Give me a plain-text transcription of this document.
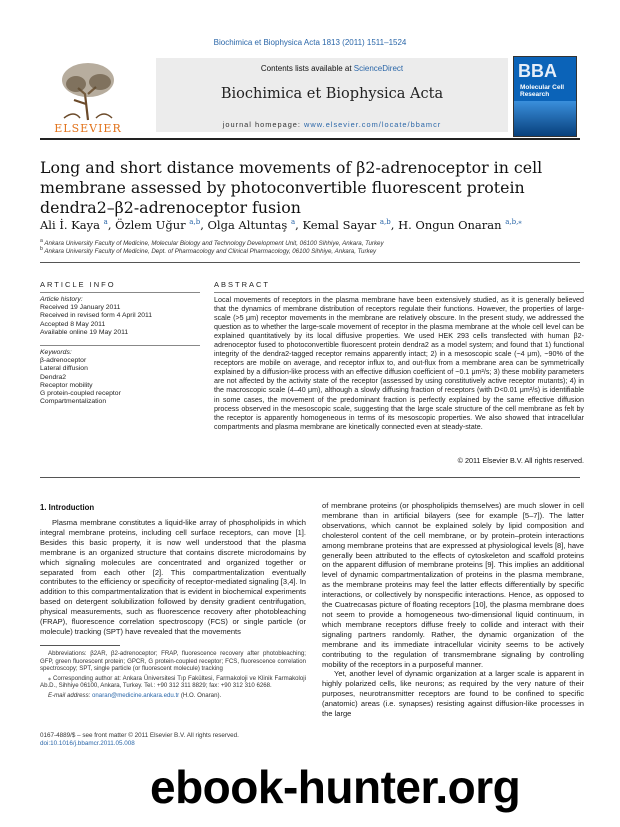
Biochimica et Biophysica Acta 1813 (2011) 1511–1524
ELSEVIER
Contents lists available at ScienceDirect
Biochimica et Biophysica Acta
journal homepage: www.elsevier.com/locate/bbamcr
BBA
Molecular Cell Research
Long and short distance movements of β2-adrenoceptor in cell membrane assessed by photoconvertible fluorescent protein dendra2–β2-adrenoceptor fusion
Ali İ. Kaya $^a$, Özlem Uğur $^{a,b}$, Olga Altuntaş $^a$, Kemal Sayar $^{a,b}$, H. Ongun Onaran $^{a,b,⁎}$
$^a$ Ankara University Faculty of Medicine, Molecular Biology and Technology Development Unit, 06100 Sihhiye, Ankara, Turkey
$^b$ Ankara University Faculty of Medicine, Dept. of Pharmacology and Clinical Pharmacology, 06100 Sihhiye, Ankara, Turkey
ARTICLE INFO
Article history:
Received 19 January 2011
Received in revised form 4 April 2011
Accepted 8 May 2011
Available online 19 May 2011
Keywords:
β-adrenoceptor
Lateral diffusion
Dendra2
Receptor mobility
G protein-coupled receptor
Compartmentalization
ABSTRACT
Local movements of receptors in the plasma membrane have been extensively studied, as it is generally believed that the dynamics of membrane distribution of receptors regulate their functions. However, the properties of large-scale (>5 μm) receptor movements in the membrane are relatively obscure. In the present study, we addressed the question as to whether the large-scale movement of receptor in the plasma membrane at the whole cell level can be explained quantitatively by its local diffusive properties. We used HEK 293 cells transfected with human β2-adrenoceptor fused to photoconvertible fluorescent protein dendra2 as a model system; and found that 1) functional integrity of the dendra2-tagged receptor remains apparently intact; 2) in a mesoscopic scale (~4 μm), ~90% of the receptors are mobile on average, and receptor influx to, and out-flux from a membrane area can be symmetrically explained by a diffusion-like process with an effective diffusion coefficient of ~0.1 μm²/s; 3) these mobility parameters are not affected by the activity state of the receptor (assessed by using constitutively active receptor mutants); 4) in the macroscopic scale (4–40 μm), although a slowly diffusing fraction of receptors (with D<0.01 μm²/s) is identifiable in some cases, the movement of the predominant fraction is perfectly explained by the same effective diffusion process observed in the mesoscopic scale, suggesting that the large scale structure of the cell membrane as felt by the receptor is apparently homogeneous in terms of its mesoscopic properties. We also showed that intracellular compartments and plasma membrane are kinetically connected even at steady-state.
© 2011 Elsevier B.V. All rights reserved.
1. Introduction

Plasma membrane constitutes a liquid-like array of phospholipids in which integral membrane proteins, including cell surface receptors, can move [1]. Besides this basic property, it is now well understood that the plasma membrane is an organized structure that contains discrete microdomains by which signaling molecules are concentrated and organized together or separated from each other [2]. This compartmentalization eventually contributes to the efficiency or specificity of receptor-mediated signaling [3,4]. In addition to this compartmentalization that is evident in biochemical experiments based on detergent solubilization followed by density gradient centrifugation, physical measurements, such as fluorescence recovery after photobleaching (FRAP), fluorescence correlation spectroscopy (FCS) or single particle (or molecule) tracking (SPT) have revealed that the movements

of membrane proteins (or phospholipids themselves) are much slower in cell membrane than in artificial bilayers (see for example [5–7]). The latter observations, which cannot be explained solely by lipid composition and cholesterol content of the cell membrane, or by protein–protein interactions among membrane proteins that are expressed at physiological levels [8], have generally been attributed to the effects of cytoskeleton and scaffold proteins on the apparent diffusion of membrane proteins [9]. This implies an additional level of dynamic compartmentalization of proteins in the plasma membrane, as the membrane proteins may feel the latter effects differentially by specific interactions, or collectively by nonspecific interactions. Hence, as opposed to the Cuatrecasas picture of floating receptors [10], the plasma membrane does not seem to provide a homogeneous two-dimensional liquid continuum, in which membrane receptors diffuse freely to collide and interact with their signaling partners randomly. Rather, the dynamic organization of the membrane and its immediate intracellular vicinity seems to be actively contributing to the regulation of transmembrane signaling by controlling mobility of the receptors in a purposeful manner.

Yet, another level of dynamic organization at a larger scale is apparent in highly polarized cells, like neurons; as required by the very nature of their purposes, neurotransmitter receptors are found to be confined to specific (anatomic) areas (i.e. synapses) resisting against diffusion-like processes in the large

Abbreviations: β2AR, β2-adrenoceptor; FRAP, fluorescence recovery after photobleaching; GFP, green fluorescent protein; GPCR, G protein-coupled receptor; FCS, fluorescence correlation spectroscopy; SPT, single particle (or fluorescent molecule) tracking

⁎ Corresponding author at: Ankara Üniversitesi Tıp Fakültesi, Farmakoloji ve Klinik Farmakoloji Ab.D., Sihhiye 06100, Ankara, Turkey. Tel.: +90 312 311 8829; fax: +90 312 310 6268.

E-mail address: onaran@medicine.ankara.edu.tr (H.O. Onaran).

0167-4889/$ – see front matter © 2011 Elsevier B.V. All rights reserved.
doi:10.1016/j.bbamcr.2011.05.008
ebook-hunter.org
